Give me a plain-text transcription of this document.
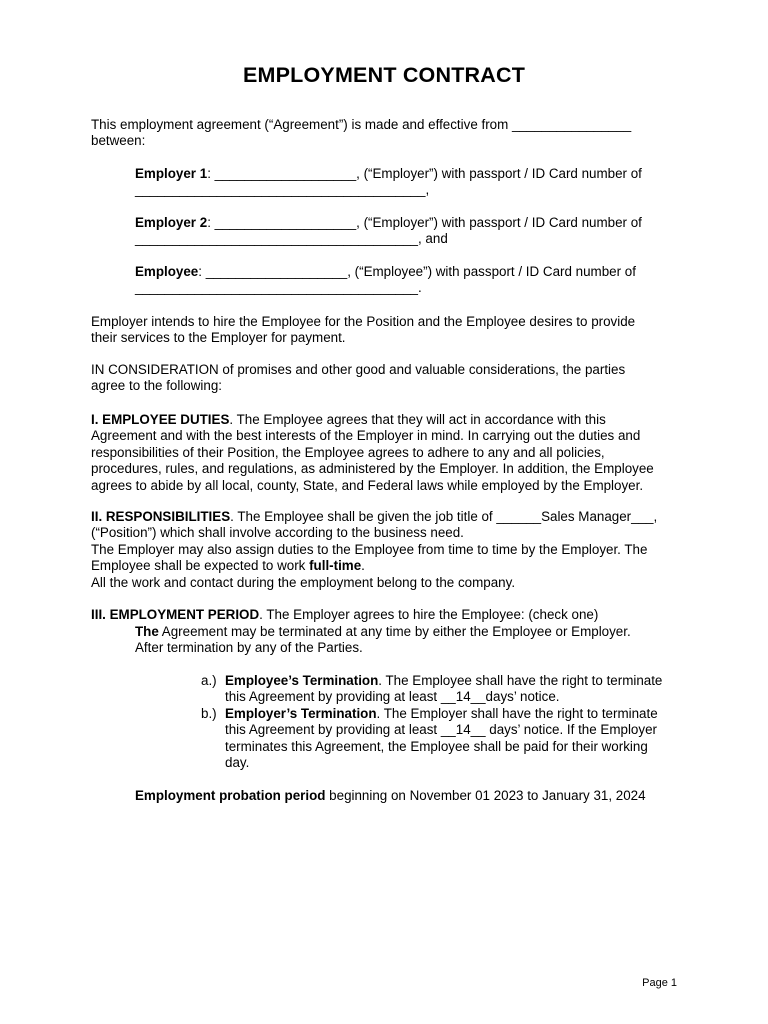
EMPLOYMENT CONTRACT
This employment agreement (“Agreement”) is made and effective from ________________
between:
Employer 1: ___________________, (“Employer”) with passport / ID Card number of
_______________________________________,
Employer 2: ___________________, (“Employer”) with passport / ID Card number of
______________________________________, and
Employee: ___________________, (“Employee”) with passport / ID Card number of
______________________________________.
Employer intends to hire the Employee for the Position and the Employee desires to provide
their services to the Employer for payment.
IN CONSIDERATION of promises and other good and valuable considerations, the parties
agree to the following:
I. EMPLOYEE DUTIES. The Employee agrees that they will act in accordance with this
Agreement and with the best interests of the Employer in mind. In carrying out the duties and
responsibilities of their Position, the Employee agrees to adhere to any and all policies,
procedures, rules, and regulations, as administered by the Employer. In addition, the Employee
agrees to abide by all local, county, State, and Federal laws while employed by the Employer.
II. RESPONSIBILITIES. The Employee shall be given the job title of ______Sales Manager___,
(“Position”) which shall involve according to the business need.
The Employer may also assign duties to the Employee from time to time by the Employer. The
Employee shall be expected to work full-time.
All the work and contact during the employment belong to the company.
III. EMPLOYMENT PERIOD. The Employer agrees to hire the Employee: (check one)
The Agreement may be terminated at any time by either the Employee or Employer.
After termination by any of the Parties.
a.) Employee’s Termination. The Employee shall have the right to terminate
this Agreement by providing at least __14__days’ notice.
b.) Employer’s Termination. The Employer shall have the right to terminate
this Agreement by providing at least __14__ days’ notice. If the Employer
terminates this Agreement, the Employee shall be paid for their working
day.
Employment probation period beginning on November 01 2023 to January 31, 2024
Page 1
